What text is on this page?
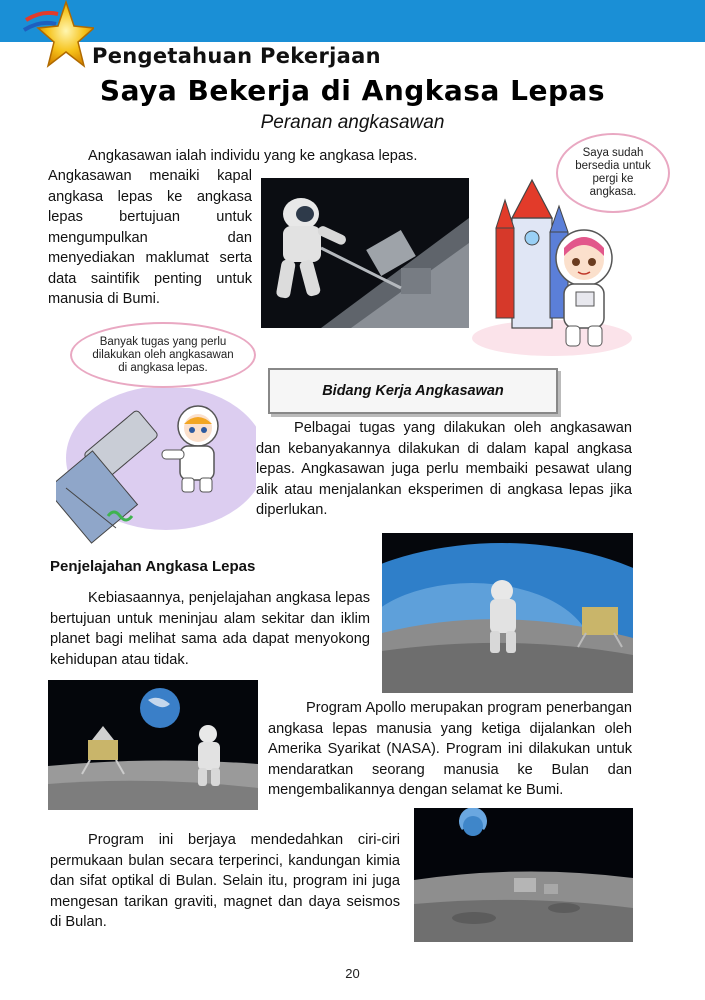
Pengetahuan Pekerjaan
Saya Bekerja di Angkasa Lepas
Peranan angkasawan

Angkasawan ialah individu yang ke angkasa lepas.

Angkasawan menaiki kapal angkasa lepas ke angkasa lepas bertujuan untuk mengumpulkan dan menyediakan maklumat serta data saintifik penting untuk manusia di Bumi.

Saya sudah bersedia untuk pergi ke angkasa.
Banyak tugas yang perlu dilakukan oleh angkasawan di angkasa lepas.
Bidang Kerja Angkasawan

Pelbagai tugas yang dilakukan oleh angkasawan dan kebanyakannya dilakukan di dalam kapal angkasa lepas. Angkasawan juga perlu membaiki pesawat ulang alik atau menjalankan eksperimen di angkasa lepas jika diperlukan.

Penjelajahan Angkasa Lepas

Kebiasaannya, penjelajahan angkasa lepas bertujuan untuk meninjau alam sekitar dan iklim planet bagi melihat sama ada dapat menyokong kehidupan atau tidak.

Program Apollo merupakan program penerbangan angkasa lepas manusia yang ketiga dijalankan oleh Amerika Syarikat (NASA). Program ini dilakukan untuk mendaratkan seorang manusia ke Bulan dan mengembalikannya dengan selamat ke Bumi.

Program ini berjaya mendedahkan ciri-ciri permukaan bulan secara terperinci, kandungan kimia dan sifat optikal di Bulan. Selain itu, program ini juga mengesan tarikan graviti, magnet dan daya seismos di Bulan.

20
